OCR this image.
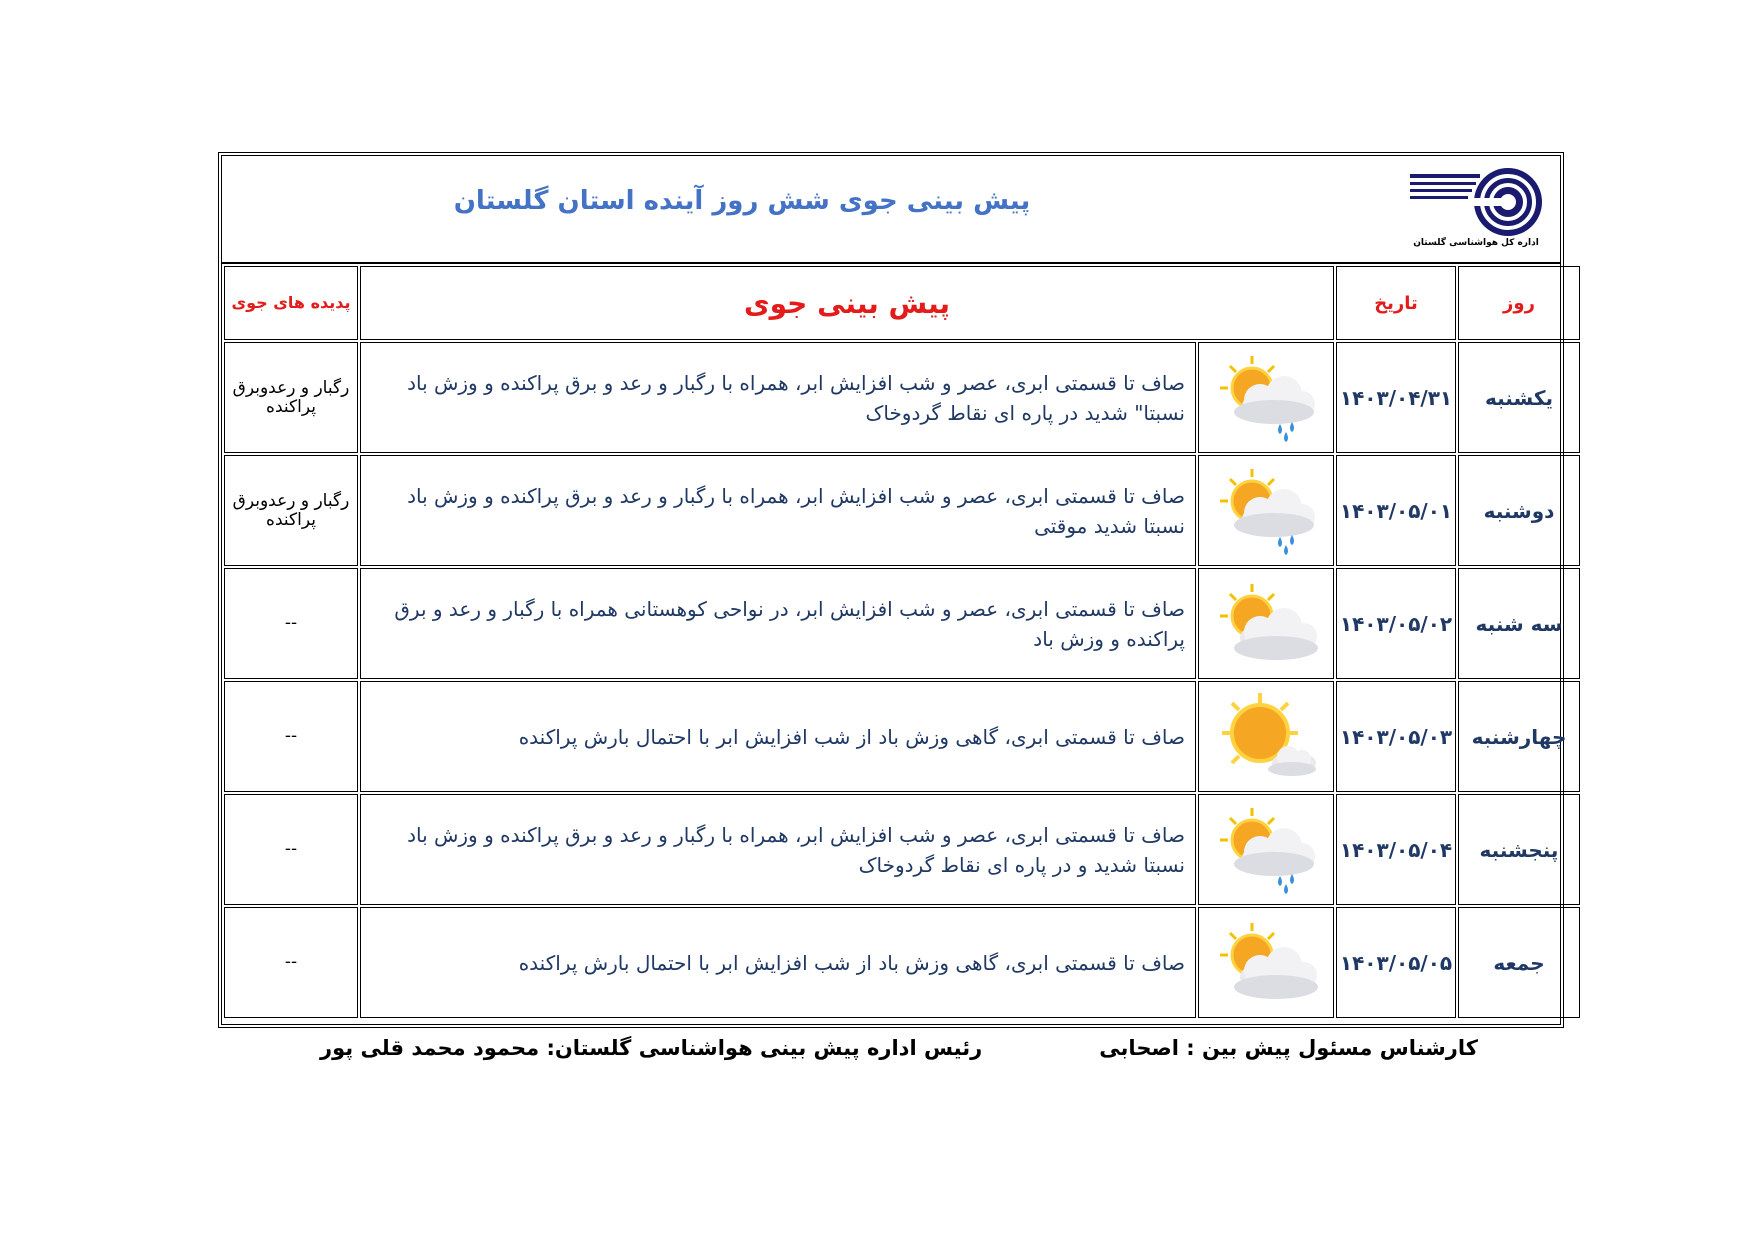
پیش بینی جوی شش روز آینده استان گلستان
اداره کل هواشناسی گلستان
روز	تاریخ	پیش بینی جوی		پدیده های جوی
یکشنبه	۱۴۰۳/۰۴/۳۱		صاف تا قسمتی ابری، عصر و شب افزایش ابر، همراه با رگبار و رعد و برق پراکنده و وزش باد نسبتا" شدید در پاره ای نقاط گردوخاک	رگبار و رعدوبرق پراکنده
دوشنبه	۱۴۰۳/۰۵/۰۱		صاف تا قسمتی ابری، عصر و شب افزایش ابر، همراه با رگبار و رعد و برق پراکنده و وزش باد نسبتا شدید موقتی	رگبار و رعدوبرق پراکنده
سه شنبه	۱۴۰۳/۰۵/۰۲		صاف تا قسمتی ابری، عصر و شب افزایش ابر، در نواحی کوهستانی همراه با رگبار و رعد و برق پراکنده و وزش باد	--
چهارشنبه	۱۴۰۳/۰۵/۰۳		صاف تا قسمتی ابری، گاهی وزش باد از شب افزایش ابر با احتمال بارش پراکنده	--
پنجشنبه	۱۴۰۳/۰۵/۰۴		صاف تا قسمتی ابری، عصر و شب افزایش ابر، همراه با رگبار و رعد و برق پراکنده و وزش باد نسبتا شدید و در پاره ای نقاط گردوخاک	--
جمعه	۱۴۰۳/۰۵/۰۵		صاف تا قسمتی ابری، گاهی وزش باد از شب افزایش ابر با احتمال بارش پراکنده	--
کارشناس مسئول پیش بین : اصحابی
رئیس اداره پیش بینی هواشناسی گلستان: محمود محمد قلی پور
